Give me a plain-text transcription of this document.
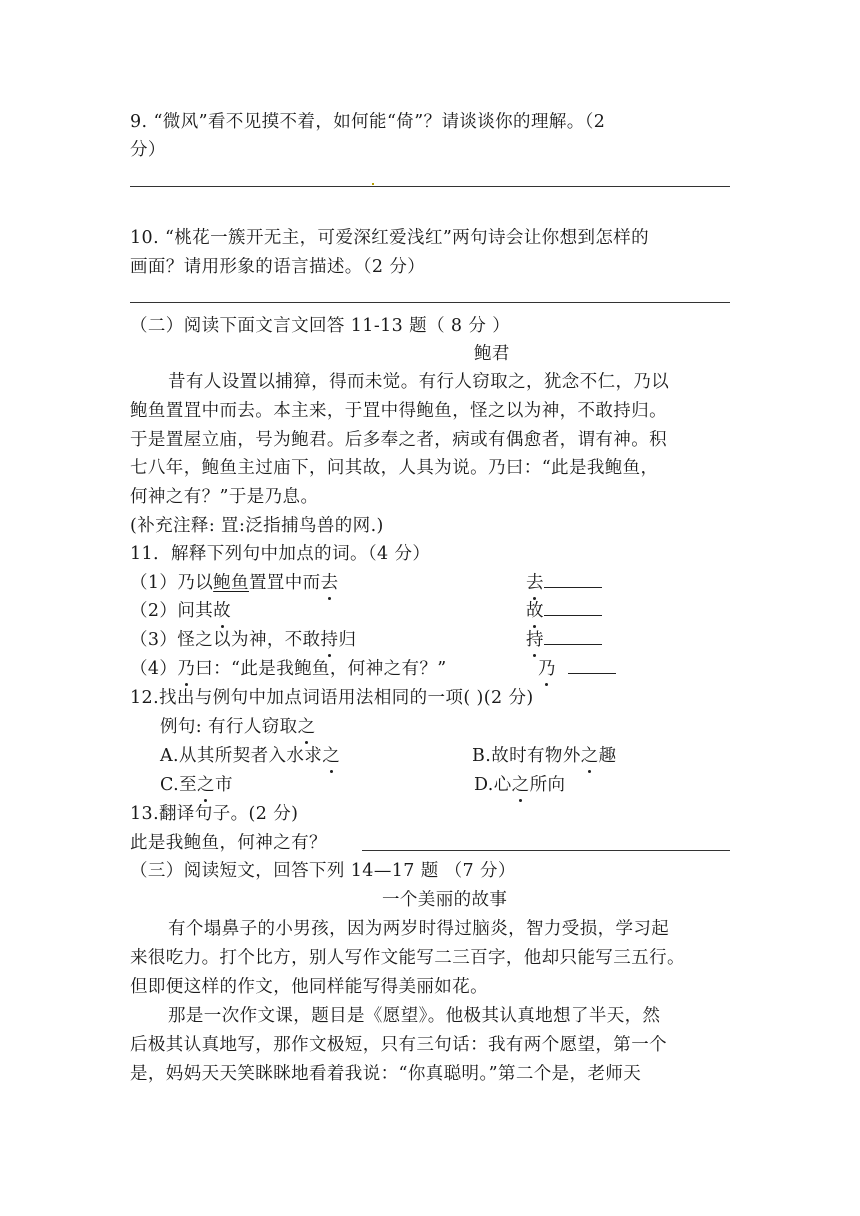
9. “微风”看不见摸不着，如何能“倚”？请谈谈你的理解。（2
分）
10. “桃花一簇开无主，可爱深红爱浅红”两句诗会让你想到怎样的
画面？请用形象的语言描述。（2 分）
（二）阅读下面文言文回答 11-13 题（ 8 分 ）
鲍君
昔有人设置以捕獐，得而未觉。有行人窃取之，犹念不仁，乃以
鲍鱼置罝中而去。本主来，于罝中得鲍鱼，怪之以为神，不敢持归。
于是置屋立庙，号为鲍君。后多奉之者，病或有偶愈者，谓有神。积
七八年，鲍鱼主过庙下，问其故，人具为说。乃曰：“此是我鲍鱼，
何神之有？”于是乃息。
(补充注释: 罝:泛指捕鸟兽的网.)
11．解释下列句中加点的词。（4 分）
（1）乃以鲍鱼置罝中而去	去
（2）问其故	故
（3）怪之以为神，不敢持归	持
（4）乃曰：“此是我鲍鱼，何神之有？”	乃
12.找出与例句中加点词语用法相同的一项( )(2 分)
例句: 有行人窃取之
A.从其所契者入水求之	B.故时有物外之趣
C.至之市	D.心之所向
13.翻译句子。(2 分)
此是我鲍鱼，何神之有？
（三）阅读短文，回答下列 14—17 题 （7 分）
一个美丽的故事
有个塌鼻子的小男孩，因为两岁时得过脑炎，智力受损，学习起
来很吃力。打个比方，别人写作文能写二三百字，他却只能写三五行。
但即便这样的作文，他同样能写得美丽如花。
那是一次作文课，题目是《愿望》。他极其认真地想了半天，然
后极其认真地写，那作文极短，只有三句话：我有两个愿望，第一个
是，妈妈天天笑眯眯地看着我说：“你真聪明。”第二个是，老师天
